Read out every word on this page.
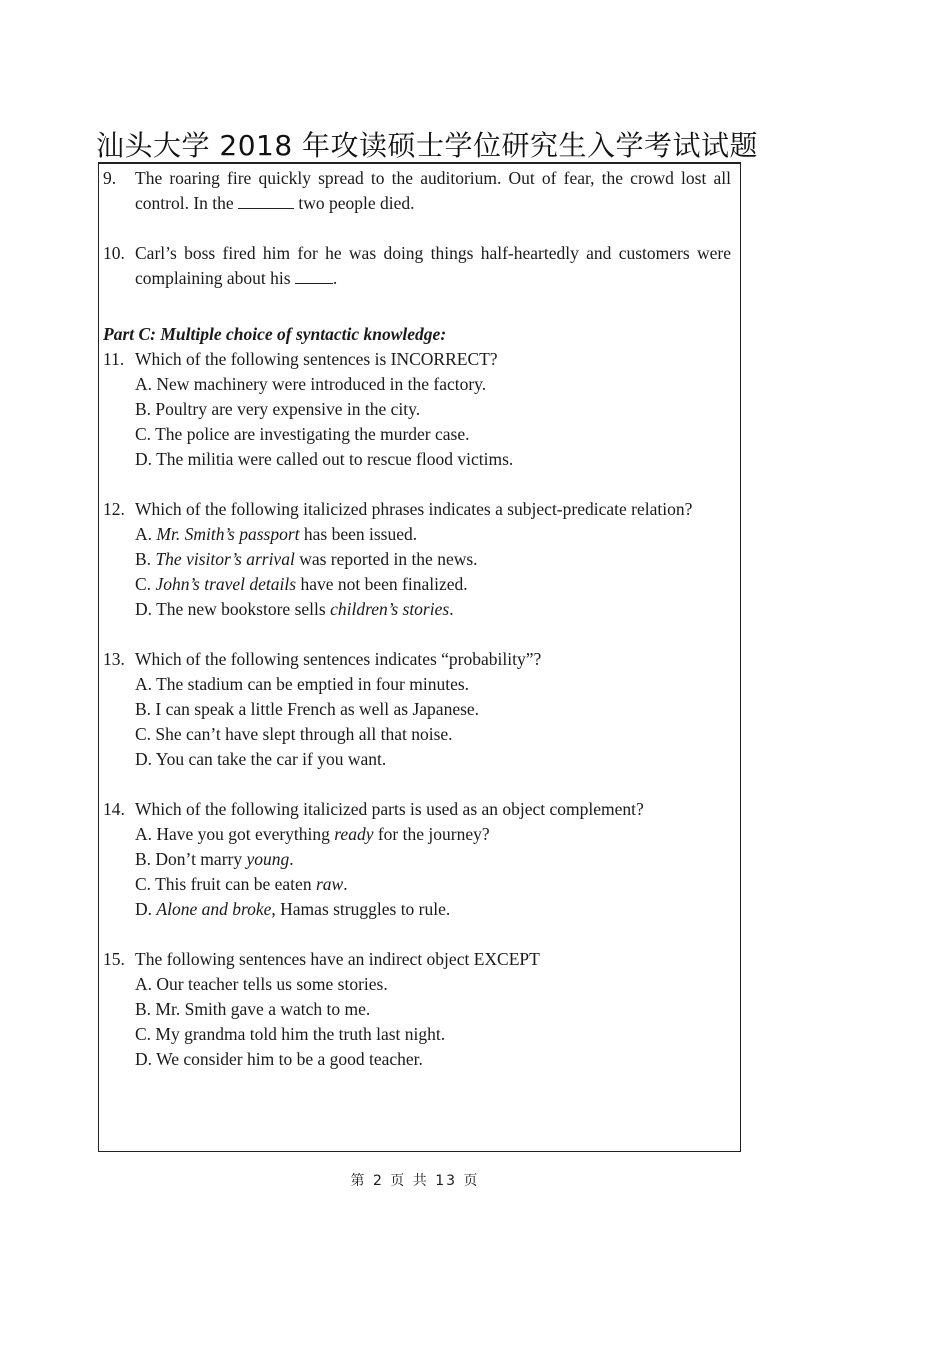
汕头大学 2018 年攻读硕士学位研究生入学考试试题
9. The roaring fire quickly spread to the auditorium. Out of fear, the crowd lost all control. In the	two people died.
10. Carl’s boss fired him for he was doing things half-heartedly and customers were complaining about his .
Part C: Multiple choice of syntactic knowledge:
11. Which of the following sentences is INCORRECT?
A. New machinery were introduced in the factory.
B. Poultry are very expensive in the city.
C. The police are investigating the murder case.
D. The militia were called out to rescue flood victims.
12. Which of the following italicized phrases indicates a subject-predicate relation?
A. Mr. Smith’s passport has been issued.
B. The visitor’s arrival was reported in the news.
C. John’s travel details have not been finalized.
D. The new bookstore sells children’s stories.
13. Which of the following sentences indicates “probability”?
A. The stadium can be emptied in four minutes.
B. I can speak a little French as well as Japanese.
C. She can’t have slept through all that noise.
D. You can take the car if you want.
14. Which of the following italicized parts is used as an object complement?
A. Have you got everything ready for the journey?
B. Don’t marry young.
C. This fruit can be eaten raw.
D. Alone and broke, Hamas struggles to rule.
15. The following sentences have an indirect object EXCEPT
A. Our teacher tells us some stories.
B. Mr. Smith gave a watch to me.
C. My grandma told him the truth last night.
D. We consider him to be a good teacher.
第 2 页 共 13 页
